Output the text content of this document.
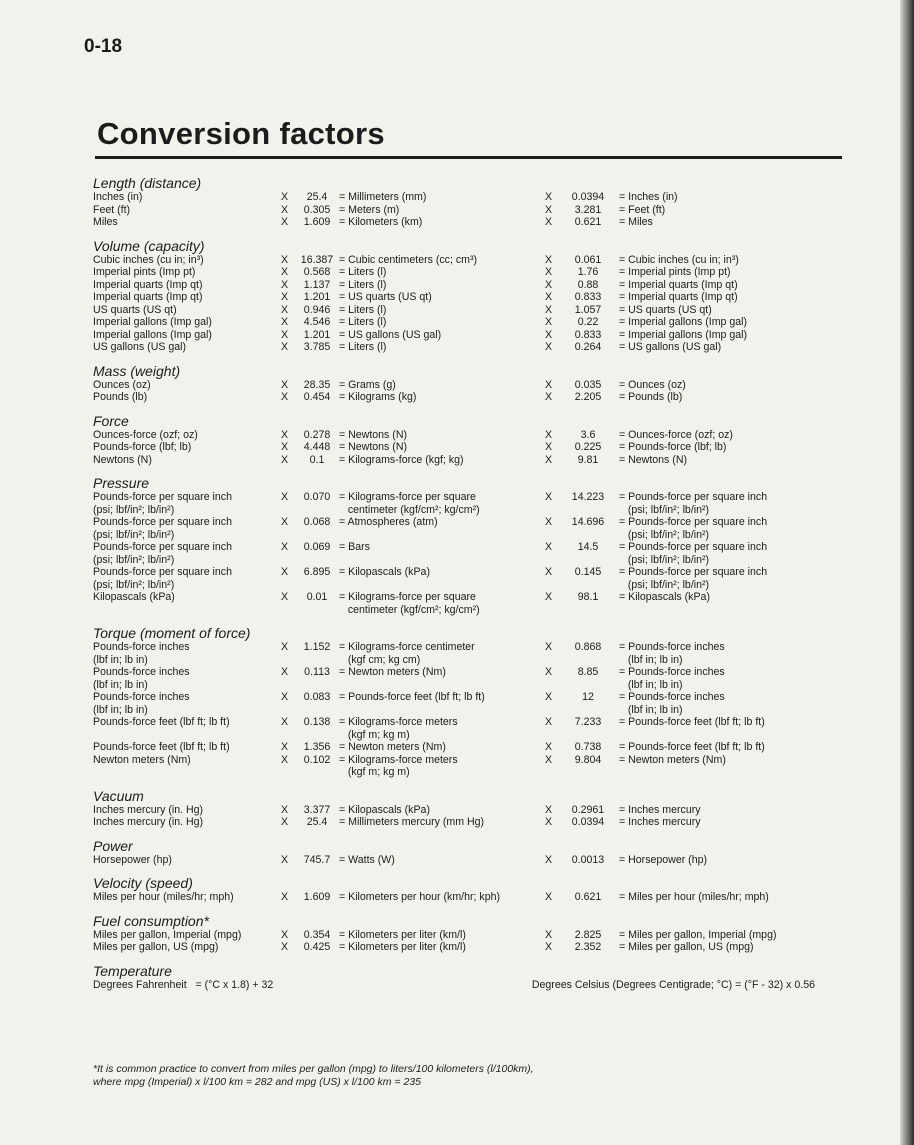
0-18
Conversion factors
Length (distance)
Inches (in)	X	25.4	= Millimeters (mm)	X	0.0394	= Inches (in)
Feet (ft)	X	0.305 = Meters (m)	X	3.281	= Feet (ft)
Miles	X	1.609 = Kilometers (km)	X	0.621	= Miles
Volume (capacity)
Cubic inches (cu in; in³)	X	16.387 = Cubic centimeters (cc; cm³)	X	0.061	= Cubic inches (cu in; in³)
Imperial pints (Imp pt)	X	0.568 = Liters (l)	X	1.76	= Imperial pints (Imp pt)
Imperial quarts (Imp qt)	X	1.137 = Liters (l)	X	0.88	= Imperial quarts (Imp qt)
Imperial quarts (Imp qt)	X	1.201 = US quarts (US qt)	X	0.833	= Imperial quarts (Imp qt)
US quarts (US qt)	X	0.946 = Liters (l)	X	1.057	= US quarts (US qt)
Imperial gallons (Imp gal)	X	4.546 = Liters (l)	X	0.22	= Imperial gallons (Imp gal)
Imperial gallons (Imp gal)	X	1.201 = US gallons (US gal)	X	0.833	= Imperial gallons (Imp gal)
US gallons (US gal)	X	3.785 = Liters (l)	X	0.264	= US gallons (US gal)
Mass (weight)
Ounces (oz)	X	28.35 = Grams (g)	X	0.035	= Ounces (oz)
Pounds (lb)	X	0.454 = Kilograms (kg)	X	2.205	= Pounds (lb)
Force
Ounces-force (ozf; oz)	X	0.278 = Newtons (N)	X	3.6	= Ounces-force (ozf; oz)
Pounds-force (lbf; lb)	X	4.448 = Newtons (N)	X	0.225	= Pounds-force (lbf; lb)
Newtons (N)	X	0.1	= Kilograms-force (kgf; kg)	X	9.81	= Newtons (N)
Pressure
Pounds-force per square inch	X	0.070 = Kilograms-force per square	X	14.223	= Pounds-force per square inch
(psi; lbf/in²; lb/in²)	centimeter (kgf/cm²; kg/cm²)	(psi; lbf/in²; lb/in²)
Pounds-force per square inch	X	0.068 = Atmospheres (atm)	X	14.696	= Pounds-force per square inch
(psi; lbf/in²; lb/in²)	(psi; lbf/in²; lb/in²)
Pounds-force per square inch	X	0.069 = Bars	X	14.5	= Pounds-force per square inch
(psi; lbf/in²; lb/in²)	(psi; lbf/in²; lb/in²)
Pounds-force per square inch	X	6.895 = Kilopascals (kPa)	X	0.145	= Pounds-force per square inch
(psi; lbf/in²; lb/in²)	(psi; lbf/in²; lb/in²)
Kilopascals (kPa)	X	0.01	= Kilograms-force per square	X	98.1	= Kilopascals (kPa)
centimeter (kgf/cm²; kg/cm²)
Torque (moment of force)
Pounds-force inches	X	1.152 = Kilograms-force centimeter	X	0.868	= Pounds-force inches
(lbf in; lb in)	(kgf cm; kg cm)	(lbf in; lb in)
Pounds-force inches	X	0.113 = Newton meters (Nm)	X	8.85	= Pounds-force inches
(lbf in; lb in)	(lbf in; lb in)
Pounds-force inches	X	0.083 = Pounds-force feet (lbf ft; lb ft)	X	12	= Pounds-force inches
(lbf in; lb in)	(lbf in; lb in)
Pounds-force feet (lbf ft; lb ft)	X	0.138 = Kilograms-force meters	X	7.233	= Pounds-force feet (lbf ft; lb ft)
(kgf m; kg m)
Pounds-force feet (lbf ft; lb ft)	X	1.356 = Newton meters (Nm)	X	0.738	= Pounds-force feet (lbf ft; lb ft)
Newton meters (Nm)	X	0.102 = Kilograms-force meters	X	9.804	= Newton meters (Nm)
(kgf m; kg m)
Vacuum
Inches mercury (in. Hg)	X	3.377 = Kilopascals (kPa)	X	0.2961	= Inches mercury
Inches mercury (in. Hg)	X	25.4	= Millimeters mercury (mm Hg)	X	0.0394	= Inches mercury
Power
Horsepower (hp)	X	745.7 = Watts (W)	X	0.0013	= Horsepower (hp)
Velocity (speed)
Miles per hour (miles/hr; mph)	X	1.609 = Kilometers per hour (km/hr; kph)	X	0.621	= Miles per hour (miles/hr; mph)
Fuel consumption*
Miles per gallon, Imperial (mpg)	X	0.354 = Kilometers per liter (km/l)	X	2.825	= Miles per gallon, Imperial (mpg)
Miles per gallon, US (mpg)	X	0.425 = Kilometers per liter (km/l)	X	2.352	= Miles per gallon, US (mpg)
Temperature
Degrees Fahrenheit   = (°C x 1.8) + 32	Degrees Celsius (Degrees Centigrade; °C) = (°F - 32) x 0.56
*It is common practice to convert from miles per gallon (mpg) to liters/100 kilometers (l/100km),
where mpg (Imperial) x l/100 km = 282 and mpg (US) x l/100 km = 235
